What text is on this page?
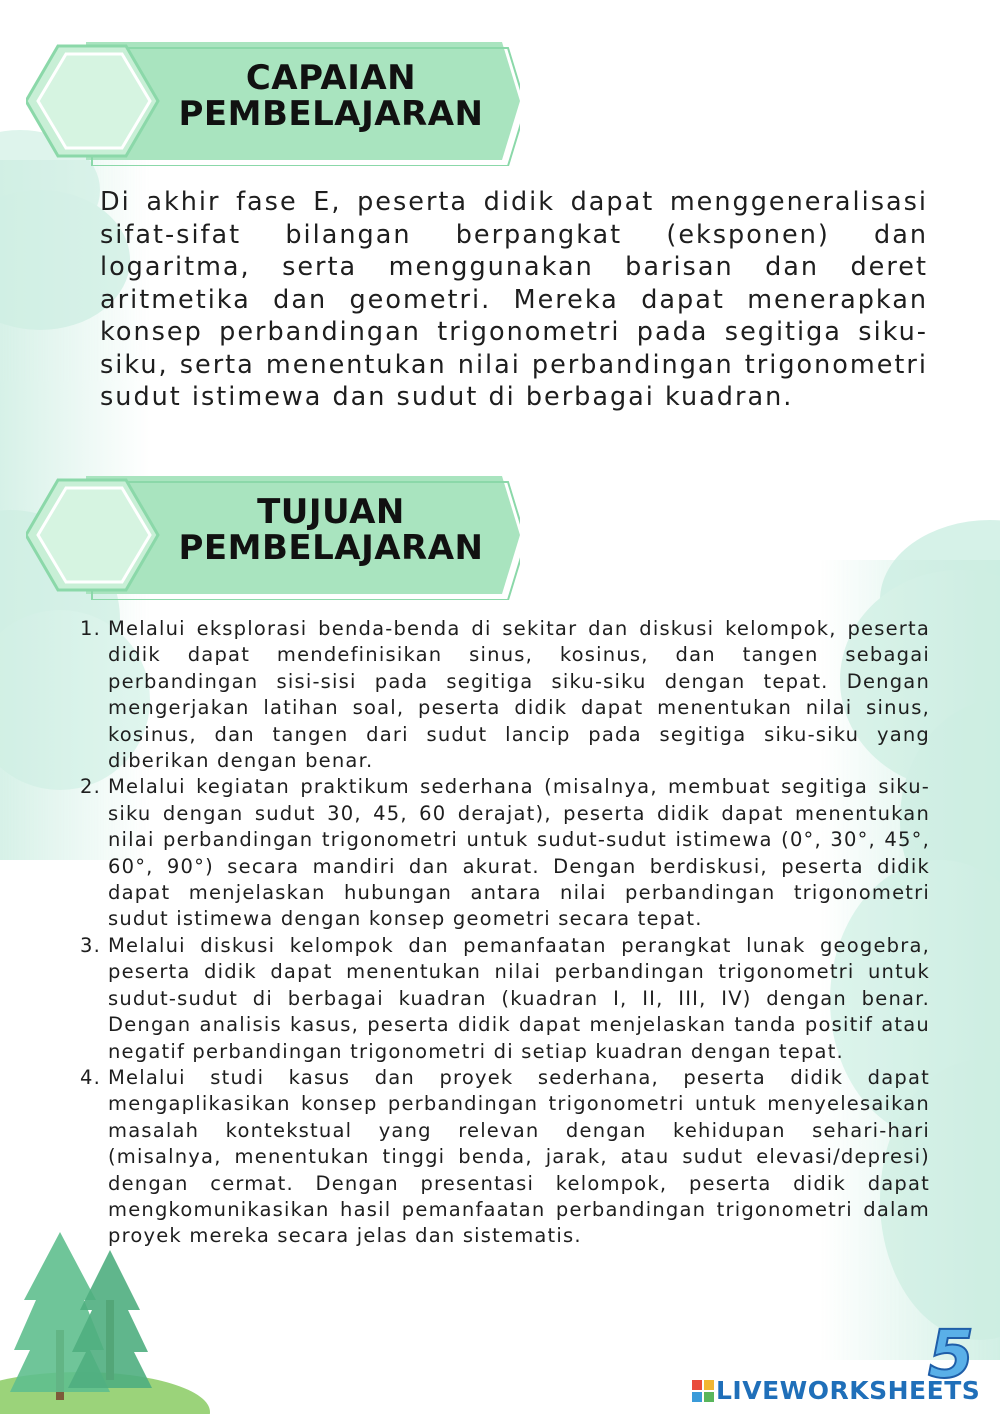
CAPAIAN
PEMBELAJARAN

Di akhir fase E, peserta didik dapat menggeneralisasi sifat-sifat bilangan berpangkat (eksponen) dan logaritma, serta menggunakan barisan dan deret aritmetika dan geometri. Mereka dapat menerapkan konsep perbandingan trigonometri pada segitiga siku-siku, serta menentukan nilai perbandingan trigonometri sudut istimewa dan sudut di berbagai kuadran.

TUJUAN
PEMBELAJARAN
1. Melalui eksplorasi benda-benda di sekitar dan diskusi kelompok, peserta didik dapat mendefinisikan sinus, kosinus, dan tangen sebagai perbandingan sisi-sisi pada segitiga siku-siku dengan tepat. Dengan mengerjakan latihan soal, peserta didik dapat menentukan nilai sinus, kosinus, dan tangen dari sudut lancip pada segitiga siku-siku yang diberikan dengan benar.
2. Melalui kegiatan praktikum sederhana (misalnya, membuat segitiga siku-siku dengan sudut 30, 45, 60 derajat), peserta didik dapat menentukan nilai perbandingan trigonometri untuk sudut-sudut istimewa (0°, 30°, 45°, 60°, 90°) secara mandiri dan akurat. Dengan berdiskusi, peserta didik dapat menjelaskan hubungan antara nilai perbandingan trigonometri sudut istimewa dengan konsep geometri secara tepat.
3. Melalui diskusi kelompok dan pemanfaatan perangkat lunak geogebra, peserta didik dapat menentukan nilai perbandingan trigonometri untuk sudut-sudut di berbagai kuadran (kuadran I, II, III, IV) dengan benar. Dengan analisis kasus, peserta didik dapat menjelaskan tanda positif atau negatif perbandingan trigonometri di setiap kuadran dengan tepat.
4. Melalui studi kasus dan proyek sederhana, peserta didik dapat mengaplikasikan konsep perbandingan trigonometri untuk menyelesaikan masalah kontekstual yang relevan dengan kehidupan sehari-hari (misalnya, menentukan tinggi benda, jarak, atau sudut elevasi/depresi) dengan cermat. Dengan presentasi kelompok, peserta didik dapat mengkomunikasikan hasil pemanfaatan perbandingan trigonometri dalam proyek mereka secara jelas dan sistematis.
5
LIVEWORKSHEETS
